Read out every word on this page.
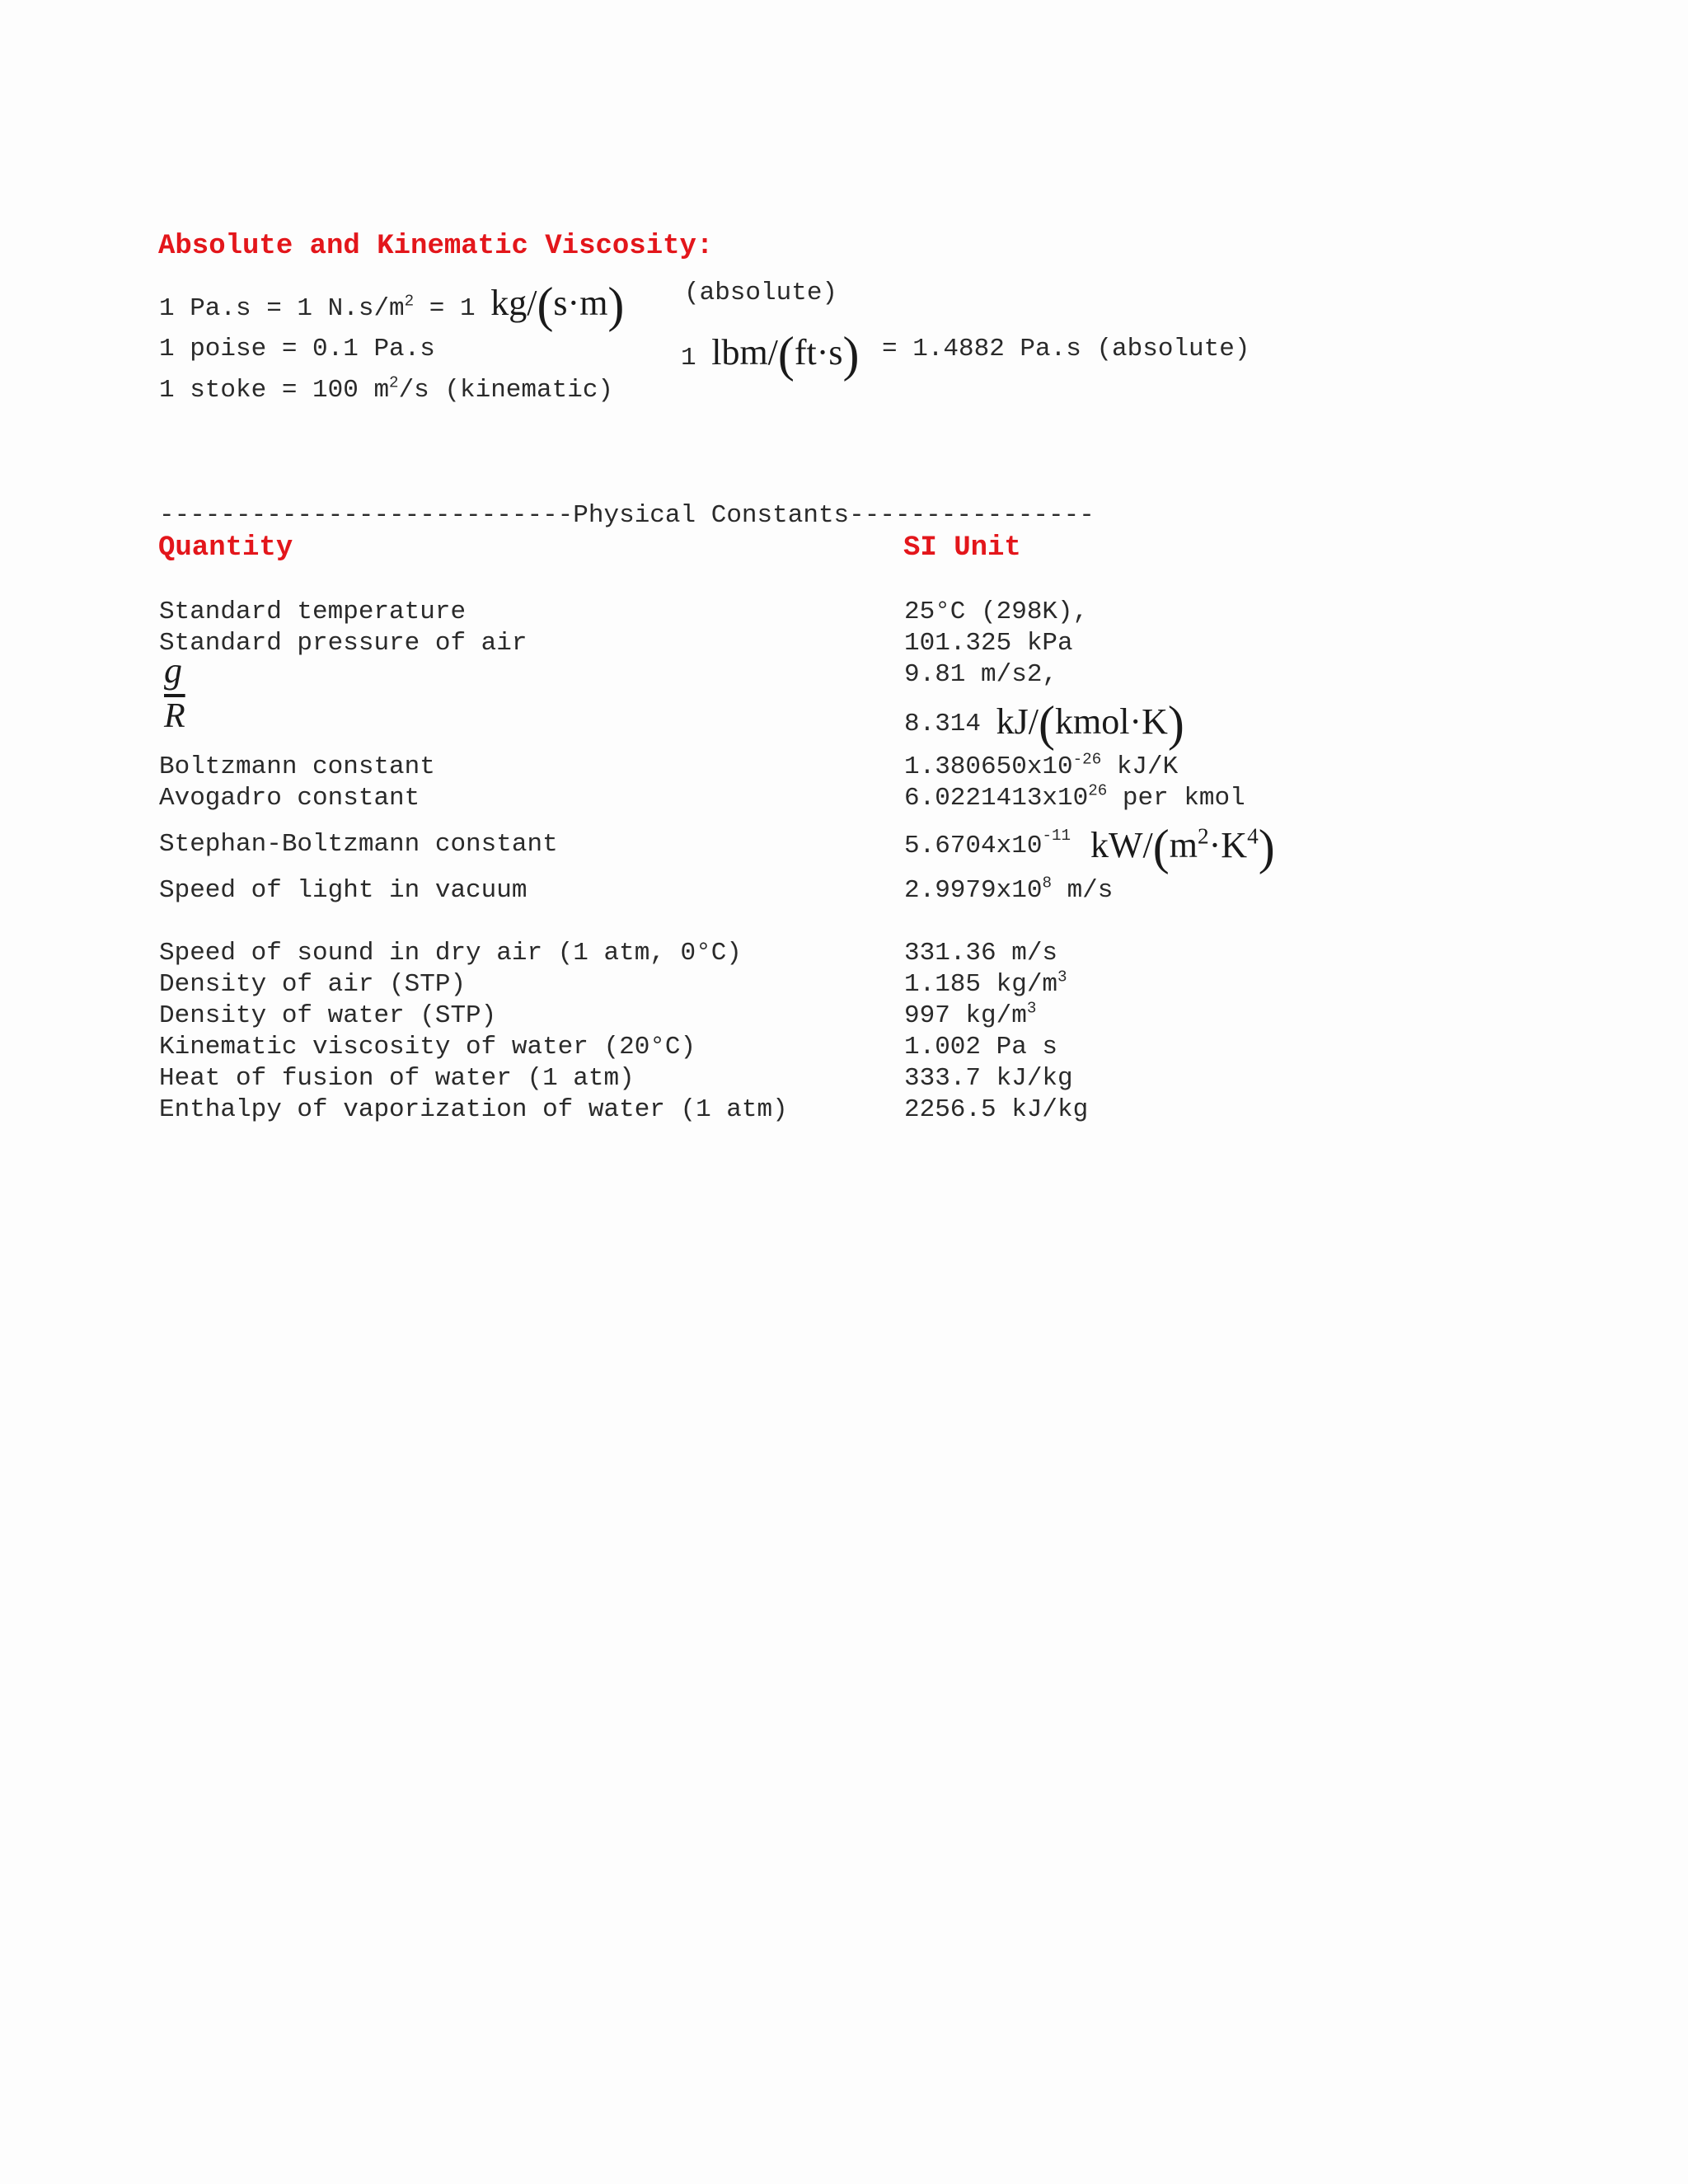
Absolute and Kinematic Viscosity:
1 Pa.s = 1 $N.s/m^2 = 1$ kg/(s·m) (absolute)
1 poise = 0.1 Pa.s	1 lbm/(ft·s) = 1.4882 Pa.s (absolute)
1 stoke = 100 $m^2/s$ (kinematic)
---------------------------Physical Constants----------------
Quantity	SI Unit
Standard temperature	25°C (298K),
Standard pressure of air	101.325 kPa
g	9.81 m/s2,
$\overline{R}$	8.314 kJ/(kmol·K)
Boltzmann constant	$1.380650x10^{-26}$ kJ/K
Avogadro constant	$6.0221413x10^{26}$ per kmol
Stephan-Boltzmann constant	$5.6704x10^{-11}$ $kW/(m^2\cdot K^4)$
Speed of light in vacuum	$2.9979x10^8$ m/s
Speed of sound in dry air (1 atm, 0°C)	331.36 m/s
Density of air (STP)	1.185 $kg/m^3$
Density of water (STP)	997 $kg/m^3$
Kinematic viscosity of water (20°C)	1.002 Pa s
Heat of fusion of water (1 atm)	333.7 kJ/kg
Enthalpy of vaporization of water (1 atm)	2256.5 kJ/kg
